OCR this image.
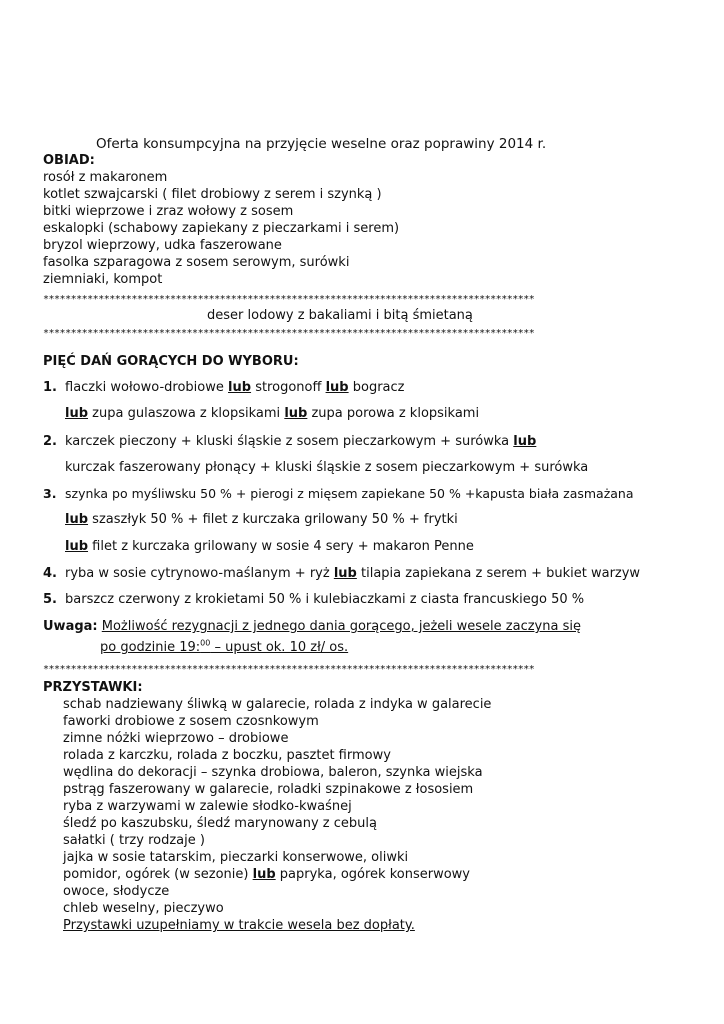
Oferta konsumpcyjna na przyjęcie weselne oraz poprawiny 2014 r.
OBIAD:
rosół z makaronem
kotlet szwajcarski ( filet drobiowy z serem i szynką )
bitki wieprzowe i zraz wołowy z sosem
eskalopki (schabowy zapiekany z pieczarkami i serem)
bryzol wieprzowy, udka faszerowane
fasolka szparagowa z sosem serowym, surówki
ziemniaki, kompot
*****************************************************************************************
deser lodowy z bakaliami i bitą śmietaną
*****************************************************************************************
PIĘĆ DAŃ GORĄCYCH DO WYBORU:
1. flaczki wołowo-drobiowe lub strogonoff lub bogracz
lub zupa gulaszowa z klopsikami lub zupa porowa z klopsikami
2. karczek pieczony + kluski śląskie z sosem pieczarkowym + surówka lub
kurczak faszerowany płonący + kluski śląskie z sosem pieczarkowym + surówka
3. szynka po myśliwsku 50 % + pierogi z mięsem zapiekane 50 % +kapusta biała zasmażana
lub szaszłyk 50 % + filet z kurczaka grilowany 50 % + frytki
lub filet z kurczaka grilowany w sosie 4 sery + makaron Penne
4. ryba w sosie cytrynowo-maślanym + ryż lub tilapia zapiekana z serem + bukiet warzyw
5. barszcz czerwony z krokietami 50 % i kulebiaczkami z ciasta francuskiego 50 %
Uwaga: Możliwość rezygnacji z jednego dania gorącego, jeżeli wesele zaczyna się
po godzinie 19:$^{00}$ – upust ok. 10 zł/ os.
*****************************************************************************************
PRZYSTAWKI:
schab nadziewany śliwką w galarecie, rolada z indyka w galarecie
faworki drobiowe z sosem czosnkowym
zimne nóżki wieprzowo – drobiowe
rolada z karczku, rolada z boczku, pasztet firmowy
wędlina do dekoracji – szynka drobiowa, baleron, szynka wiejska
pstrąg faszerowany w galarecie, roladki szpinakowe z łososiem
ryba z warzywami w zalewie słodko-kwaśnej
śledź po kaszubsku, śledź marynowany z cebulą
sałatki ( trzy rodzaje )
jajka w sosie tatarskim, pieczarki konserwowe, oliwki
pomidor, ogórek (w sezonie) lub papryka, ogórek konserwowy
owoce, słodycze
chleb weselny, pieczywo
Przystawki uzupełniamy w trakcie wesela bez dopłaty.
